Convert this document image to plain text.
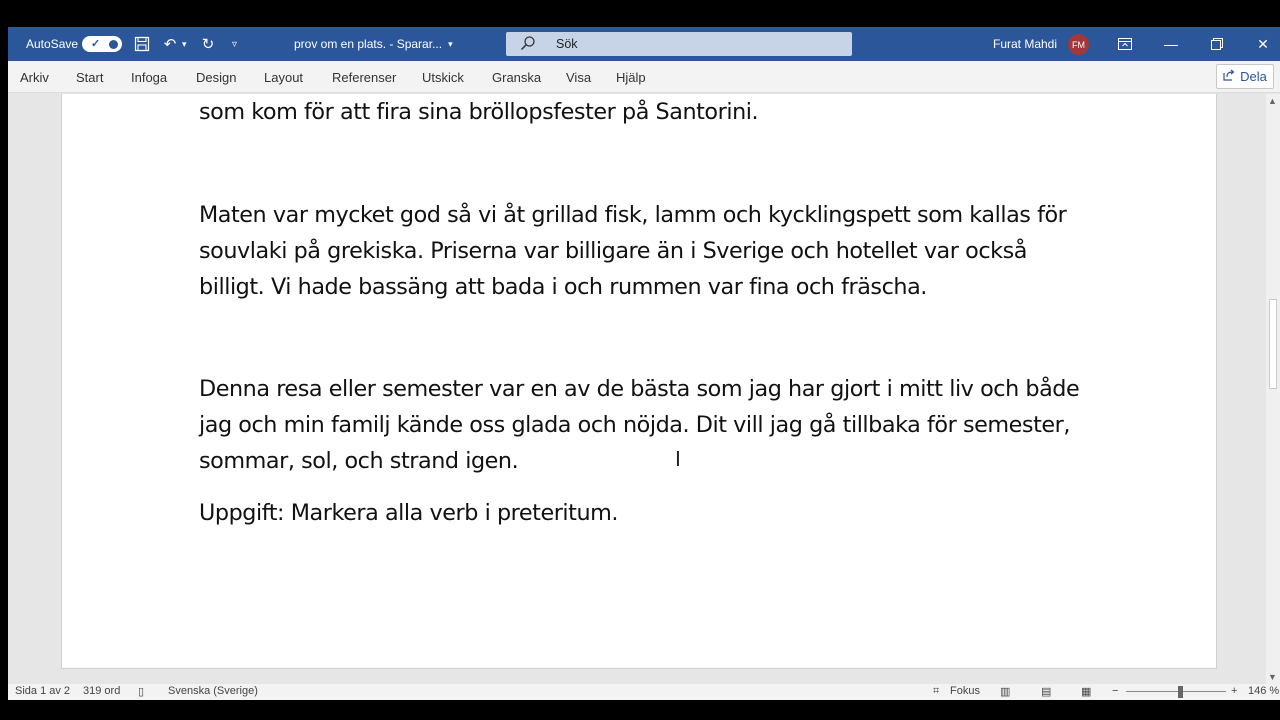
AutoSave ✓	↶ ▾	↻	▿	prov om en plats. - Sparar... ▾	Sök	Furat Mahdi	FM	—	✕
Arkiv Start Infoga Design Layout Referenser Utskick Granska Visa Hjälp	Dela
som kom för att fira sina bröllopsfester på Santorini.
Maten var mycket god så vi åt grillad fisk, lamm och kycklingspett som kallas för
souvlaki på grekiska. Priserna var billigare än i Sverige och hotellet var också
billigt. Vi hade bassäng att bada i och rummen var fina och fräscha.
Denna resa eller semester var en av de bästa som jag har gjort i mitt liv och både
jag och min familj kände oss glada och nöjda. Dit vill jag gå tillbaka för semester,
sommar, sol, och strand igen.
Uppgift: Markera alla verb i preteritum.
I
▲
▼
Sida 1 av 2 319 ord ▯ Svenska (Sverige)	⌗ Fokus ▥	▤	▦ −	+ 146 %
